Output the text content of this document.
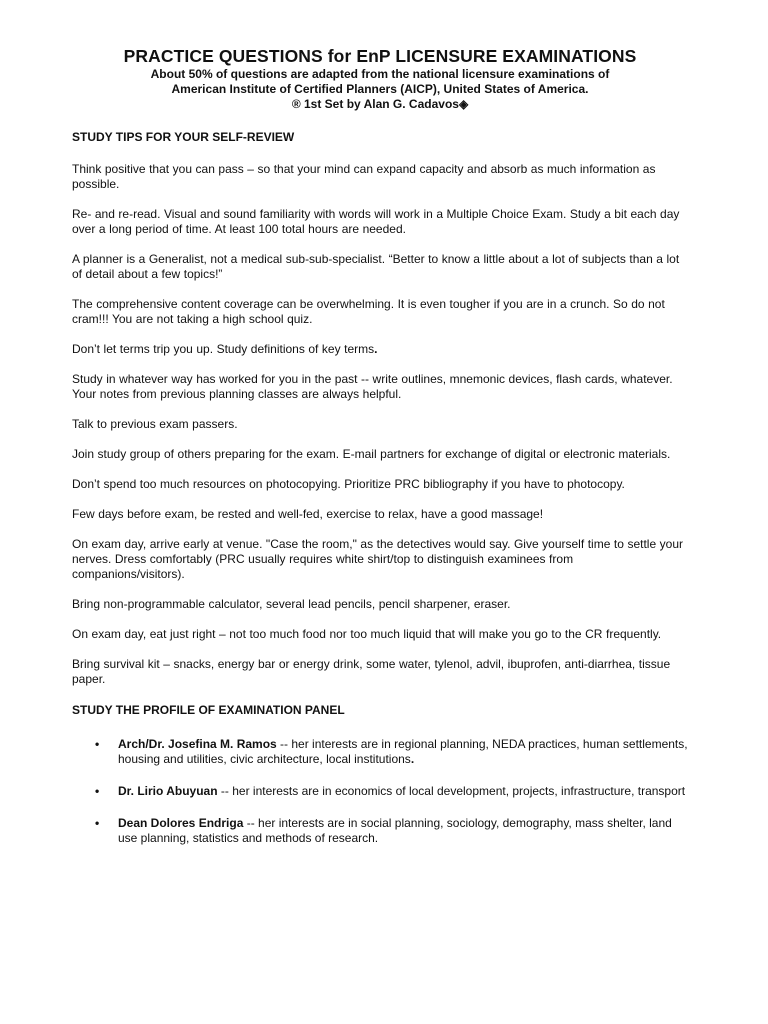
PRACTICE QUESTIONS for EnP LICENSURE EXAMINATIONS
About 50% of questions are adapted from the national licensure examinations of
American Institute of Certified Planners (AICP), United States of America.
® 1st Set by Alan G. Cadavos◈
STUDY TIPS FOR YOUR SELF-REVIEW

Think positive that you can pass – so that your mind can expand capacity and absorb as much information as possible.

Re- and re-read. Visual and sound familiarity with words will work in a Multiple Choice Exam. Study a bit each day over a long period of time. At least 100 total hours are needed.

A planner is a Generalist, not a medical sub-sub-specialist. “Better to know a little about a lot of subjects than a lot of detail about a few topics!”

The comprehensive content coverage can be overwhelming. It is even tougher if you are in a crunch. So do not cram!!! You are not taking a high school quiz.

Don’t let terms trip you up. Study definitions of key terms.

Study in whatever way has worked for you in the past -- write outlines, mnemonic devices, flash cards, whatever. Your notes from previous planning classes are always helpful.

Talk to previous exam passers.

Join study group of others preparing for the exam. E-mail partners for exchange of digital or electronic materials.

Don’t spend too much resources on photocopying. Prioritize PRC bibliography if you have to photocopy.

Few days before exam, be rested and well-fed, exercise to relax, have a good massage!

On exam day, arrive early at venue. "Case the room," as the detectives would say. Give yourself time to settle your nerves. Dress comfortably (PRC usually requires white shirt/top to distinguish examinees from companions/visitors).

Bring non-programmable calculator, several lead pencils, pencil sharpener, eraser.

On exam day, eat just right – not too much food nor too much liquid that will make you go to the CR frequently.

Bring survival kit – snacks, energy bar or energy drink, some water, tylenol, advil, ibuprofen, anti-diarrhea, tissue paper.

STUDY THE PROFILE OF EXAMINATION PANEL
• Arch/Dr. Josefina M. Ramos -- her interests are in regional planning, NEDA practices, human settlements, housing and utilities, civic architecture, local institutions.
• Dr. Lirio Abuyuan -- her interests are in economics of local development, projects, infrastructure, transport
• Dean Dolores Endriga -- her interests are in social planning, sociology, demography, mass shelter, land use planning, statistics and methods of research.
